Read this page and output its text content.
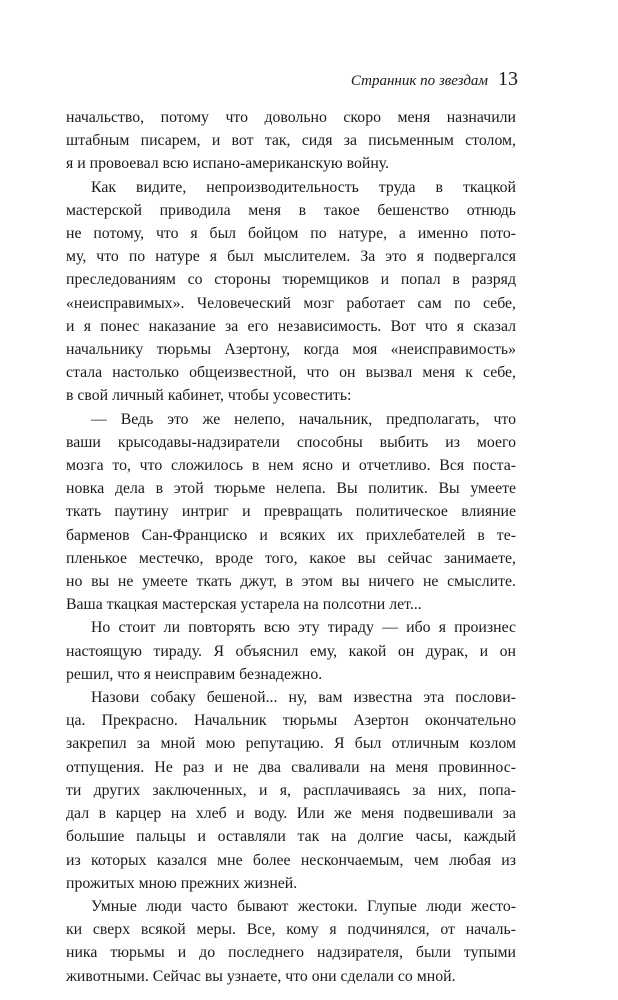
Странник по звездам 13
начальство, потому что довольно скоро меня назначили
штабным писарем, и вот так, сидя за письменным столом,
я и провоевал всю испано-американскую войну.
Как видите, непроизводительность труда в ткацкой
мастерской приводила меня в такое бешенство отнюдь
не потому, что я был бойцом по натуре, а именно пото-
му, что по натуре я был мыслителем. За это я подвергался
преследованиям со стороны тюремщиков и попал в разряд
«неисправимых». Человеческий мозг работает сам по себе,
и я понес наказание за его независимость. Вот что я сказал
начальнику тюрьмы Азертону, когда моя «неисправимость»
стала настолько общеизвестной, что он вызвал меня к себе,
в свой личный кабинет, чтобы усовестить:
— Ведь это же нелепо, начальник, предполагать, что
ваши крысодавы-надзиратели способны выбить из моего
мозга то, что сложилось в нем ясно и отчетливо. Вся поста-
новка дела в этой тюрьме нелепа. Вы политик. Вы умеете
ткать паутину интриг и превращать политическое влияние
барменов Сан-Франциско и всяких их прихлебателей в те-
пленькое местечко, вроде того, какое вы сейчас занимаете,
но вы не умеете ткать джут, в этом вы ничего не смыслите.
Ваша ткацкая мастерская устарела на полсотни лет...
Но стоит ли повторять всю эту тираду — ибо я произнес
настоящую тираду. Я объяснил ему, какой он дурак, и он
решил, что я неисправим безнадежно.
Назови собаку бешеной... ну, вам известна эта послови-
ца. Прекрасно. Начальник тюрьмы Азертон окончательно
закрепил за мной мою репутацию. Я был отличным козлом
отпущения. Не раз и не два сваливали на меня провиннос-
ти других заключенных, и я, расплачиваясь за них, попа-
дал в карцер на хлеб и воду. Или же меня подвешивали за
большие пальцы и оставляли так на долгие часы, каждый
из которых казался мне более нескончаемым, чем любая из
прожитых мною прежних жизней.
Умные люди часто бывают жестоки. Глупые люди жесто-
ки сверх всякой меры. Все, кому я подчинялся, от началь-
ника тюрьмы и до последнего надзирателя, были тупыми
животными. Сейчас вы узнаете, что они сделали со мной.
